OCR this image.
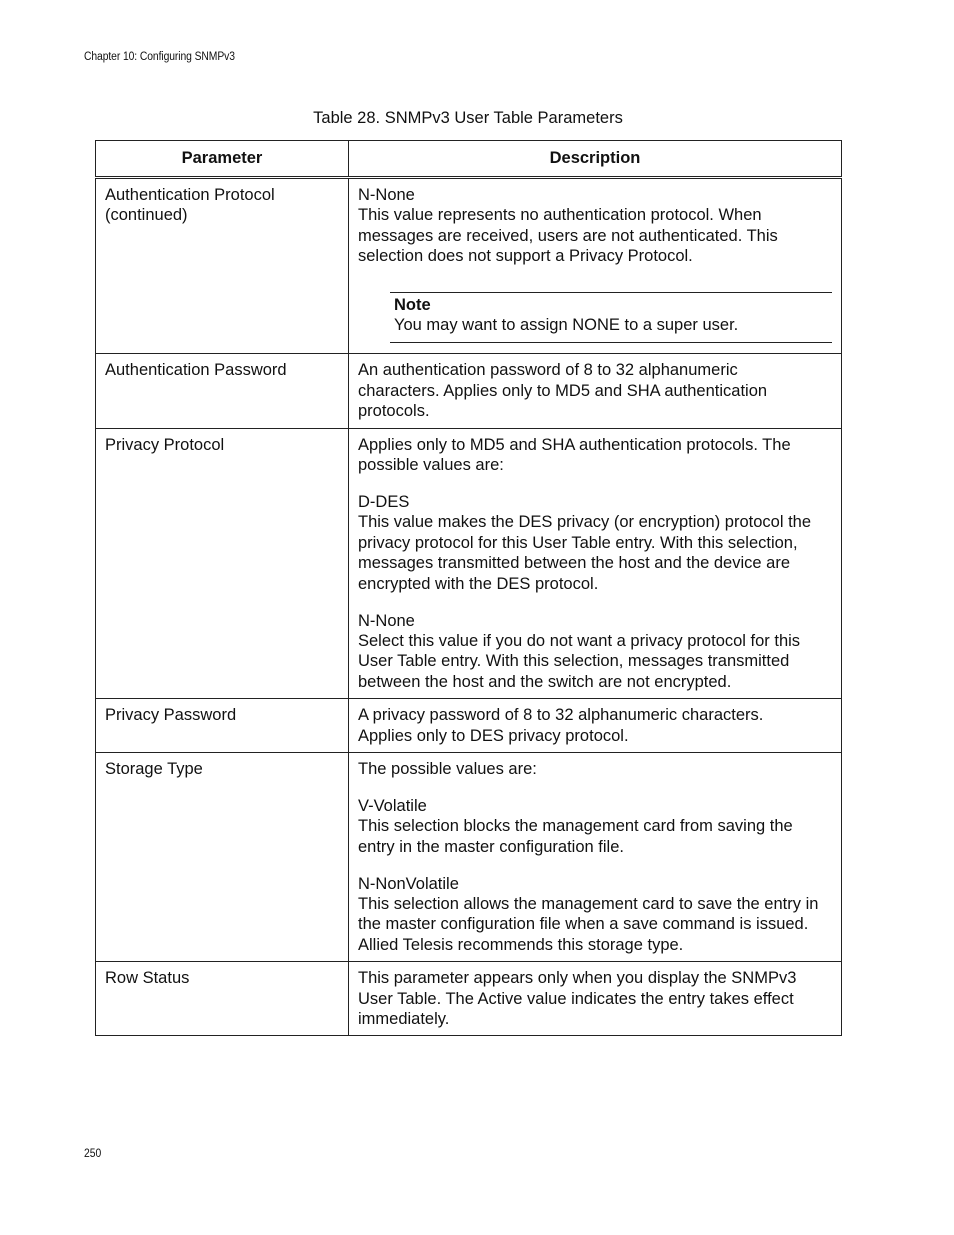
Chapter 10: Configuring SNMPv3
Table 28. SNMPv3 User Table Parameters
Parameter	Description

Authentication Protocol (continued)	N-None
This value represents no authentication protocol. When messages are received, users are not authenticated. This selection does not support a Privacy Protocol.

Note
You may want to assign NONE to a super user.

Authentication Password	An authentication password of 8 to 32 alphanumeric characters. Applies only to MD5 and SHA authentication protocols.

Privacy Protocol	Applies only to MD5 and SHA authentication protocols. The possible values are:

D-DES
This value makes the DES privacy (or encryption) protocol the privacy protocol for this User Table entry. With this selection, messages transmitted between the host and the device are encrypted with the DES protocol.

N-None
Select this value if you do not want a privacy protocol for this User Table entry. With this selection, messages transmitted between the host and the switch are not encrypted.

Privacy Password	A privacy password of 8 to 32 alphanumeric characters. Applies only to DES privacy protocol.

Storage Type	The possible values are:

V-Volatile
This selection blocks the management card from saving the entry in the master configuration file.

N-NonVolatile
This selection allows the management card to save the entry in the master configuration file when a save command is issued. Allied Telesis recommends this storage type.

Row Status	This parameter appears only when you display the SNMPv3 User Table. The Active value indicates the entry takes effect immediately.

250
